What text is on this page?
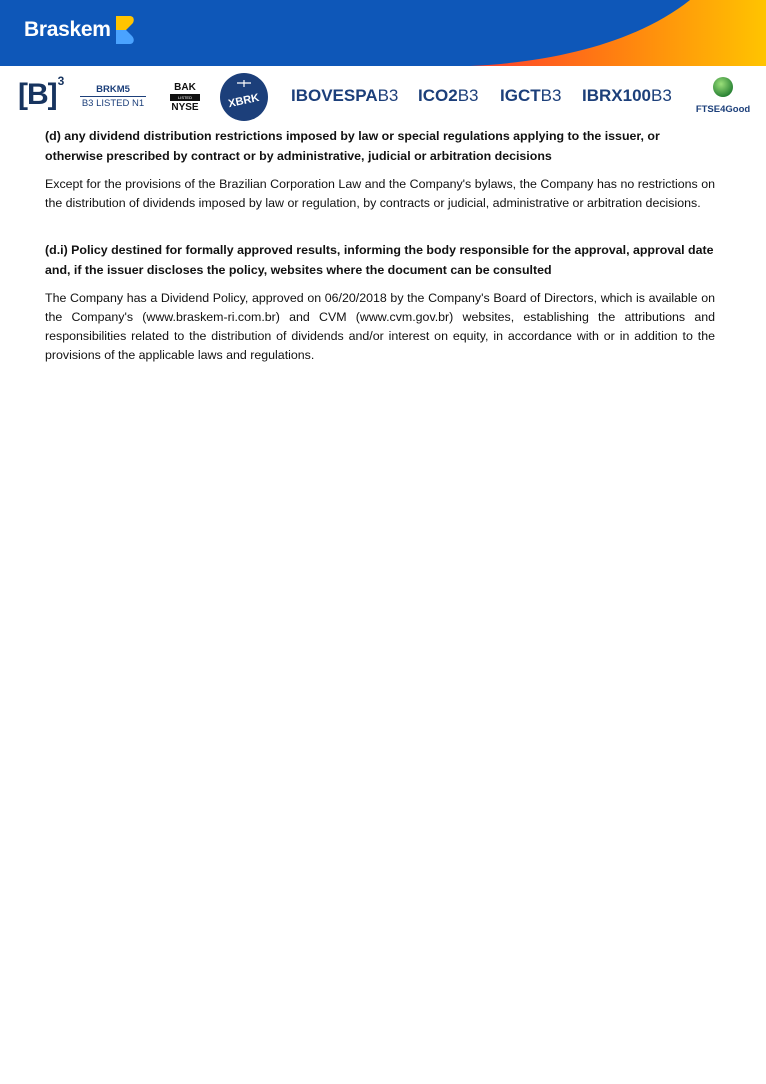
Braskem
$[B]^3$
BRKM5
B3 LISTED N1
BAK
LISTED
NYSE	XBRK IBOVESPAB3 ICO2B3 IGCTB3 IBRX100B3
FTSE4Good
(d) any dividend distribution restrictions imposed by law or special regulations applying to the issuer, or otherwise prescribed by contract or by administrative, judicial or arbitration decisions

Except for the provisions of the Brazilian Corporation Law and the Company's bylaws, the Company has no restrictions on the distribution of dividends imposed by law or regulation, by contracts or judicial, administrative or arbitration decisions.

(d.i) Policy destined for formally approved results, informing the body responsible for the approval, approval date and, if the issuer discloses the policy, websites where the document can be consulted

The Company has a Dividend Policy, approved on 06/20/2018 by the Company's Board of Directors, which is available on the Company's (www.braskem-ri.com.br) and CVM (www.cvm.gov.br) websites, establishing the attributions and responsibilities related to the distribution of dividends and/or interest on equity, in accordance with or in addition to the provisions of the applicable laws and regulations.
